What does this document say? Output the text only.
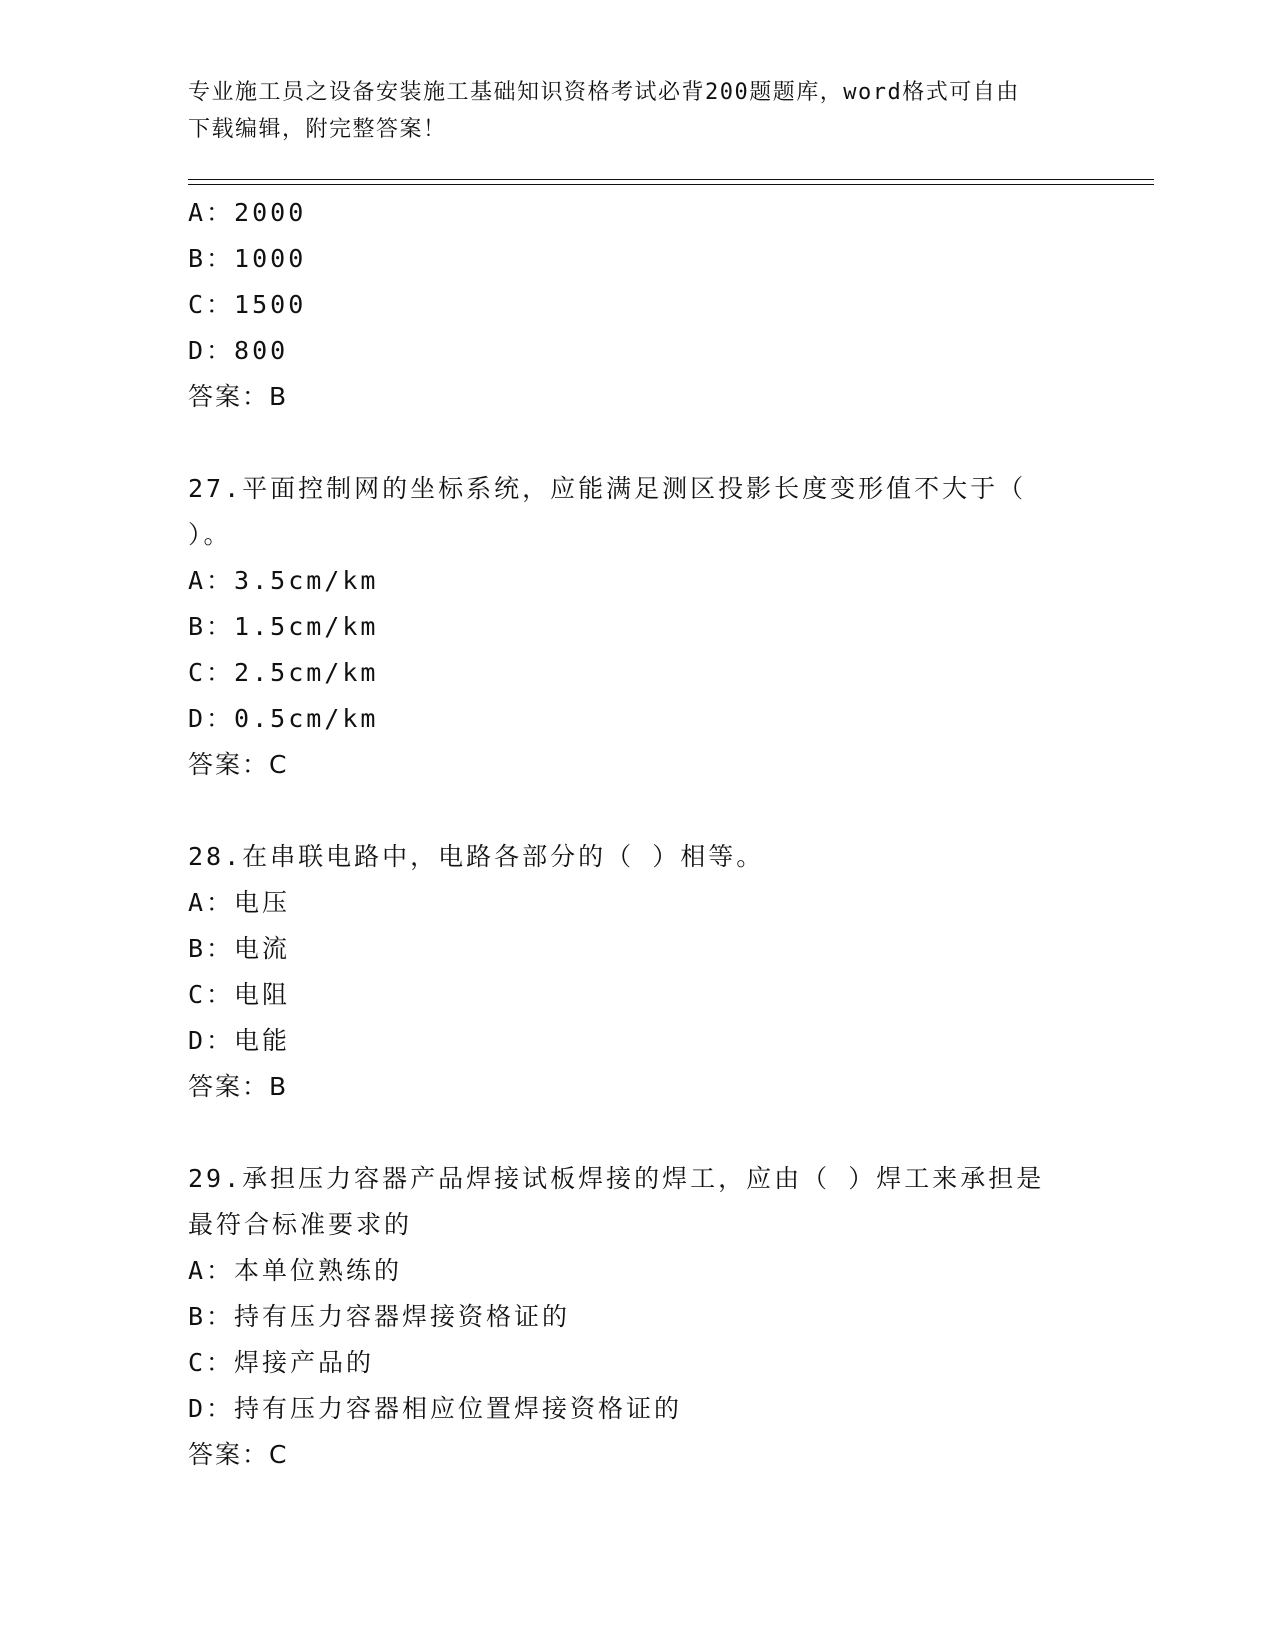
专业施工员之设备安装施工基础知识资格考试必背200题题库，word格式可自由
下载编辑，附完整答案！
A：2000
B：1000
C：1500
D：800
答案：B
27.平面控制网的坐标系统，应能满足测区投影长度变形值不大于（
）。
A：3.5cm/km
B：1.5cm/km
C：2.5cm/km
D：0.5cm/km
答案：C
28.在串联电路中，电路各部分的（ ）相等。
A：电压
B：电流
C：电阻
D：电能
答案：B
29.承担压力容器产品焊接试板焊接的焊工，应由（ ）焊工来承担是
最符合标准要求的
A：本单位熟练的
B：持有压力容器焊接资格证的
C：焊接产品的
D：持有压力容器相应位置焊接资格证的
答案：C
